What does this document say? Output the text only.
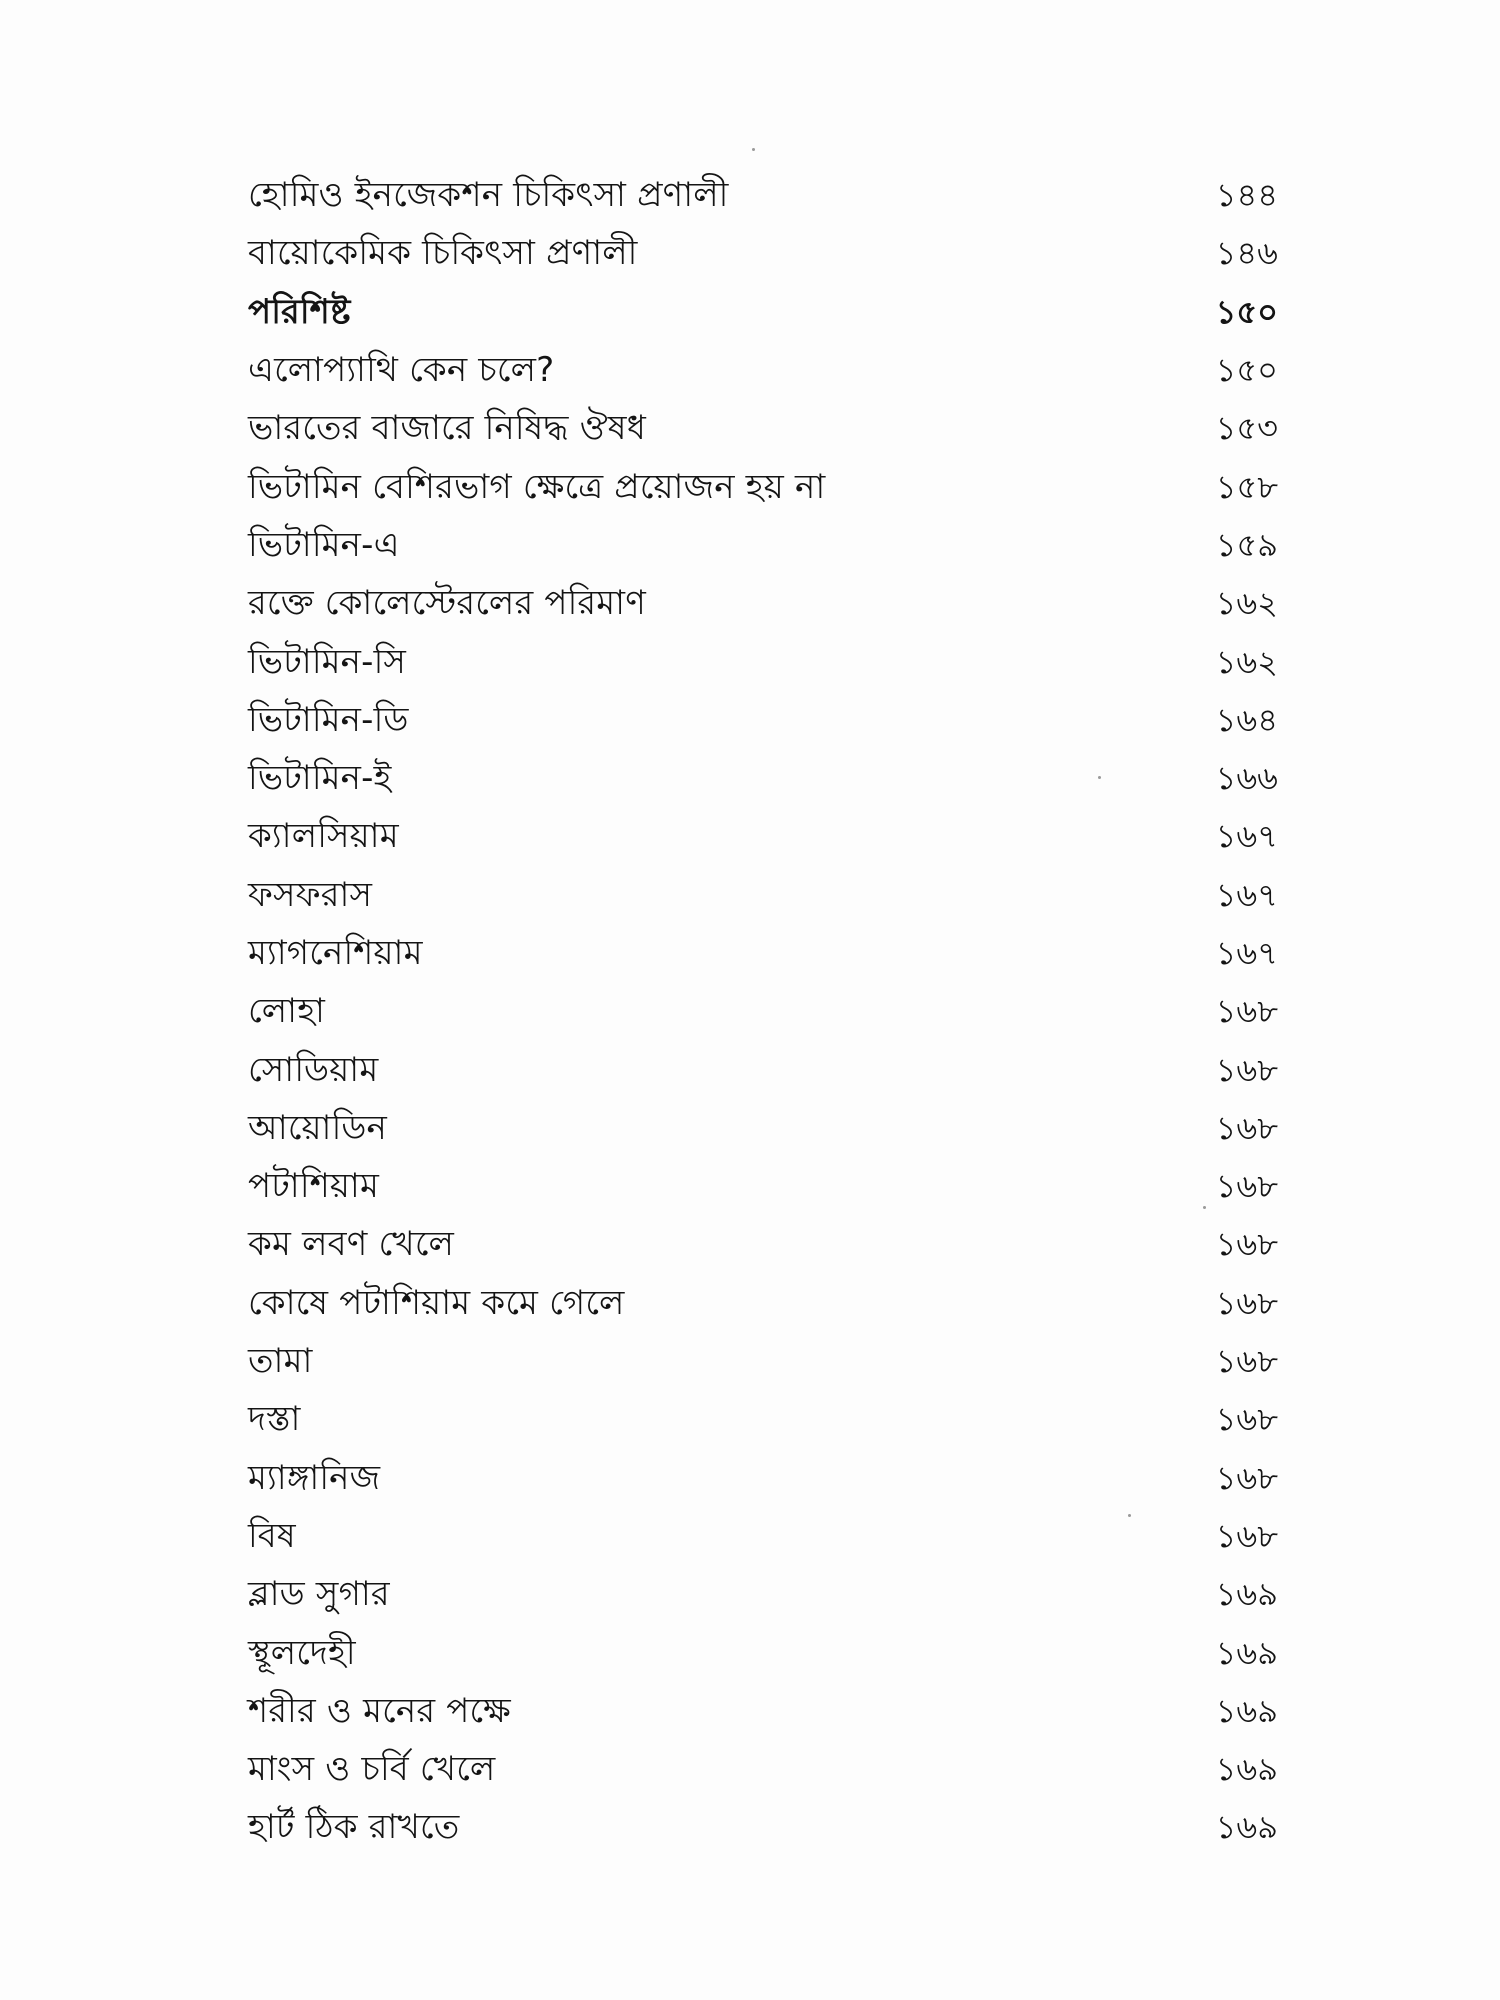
হোমিও ইনজেকশন চিকিৎসা প্রণালী	১৪৪
বায়োকেমিক চিকিৎসা প্রণালী	১৪৬
পরিশিষ্ট	১৫০
এলোপ্যাথি কেন চলে?	১৫০
ভারতের বাজারে নিষিদ্ধ ঔষধ	১৫৩
ভিটামিন বেশিরভাগ ক্ষেত্রে প্রয়োজন হয় না	১৫৮
ভিটামিন-এ	১৫৯
রক্তে কোলেস্টেরলের পরিমাণ	১৬২
ভিটামিন-সি	১৬২
ভিটামিন-ডি	১৬৪
ভিটামিন-ই	১৬৬
ক্যালসিয়াম	১৬৭
ফসফরাস	১৬৭
ম্যাগনেশিয়াম	১৬৭
লোহা	১৬৮
সোডিয়াম	১৬৮
আয়োডিন	১৬৮
পটাশিয়াম	১৬৮
কম লবণ খেলে	১৬৮
কোষে পটাশিয়াম কমে গেলে	১৬৮
তামা	১৬৮
দস্তা	১৬৮
ম্যাঙ্গানিজ	১৬৮
বিষ	১৬৮
ব্লাড সুগার	১৬৯
স্থূলদেহী	১৬৯
শরীর ও মনের পক্ষে	১৬৯
মাংস ও চর্বি খেলে	১৬৯
হার্ট ঠিক রাখতে	১৬৯
